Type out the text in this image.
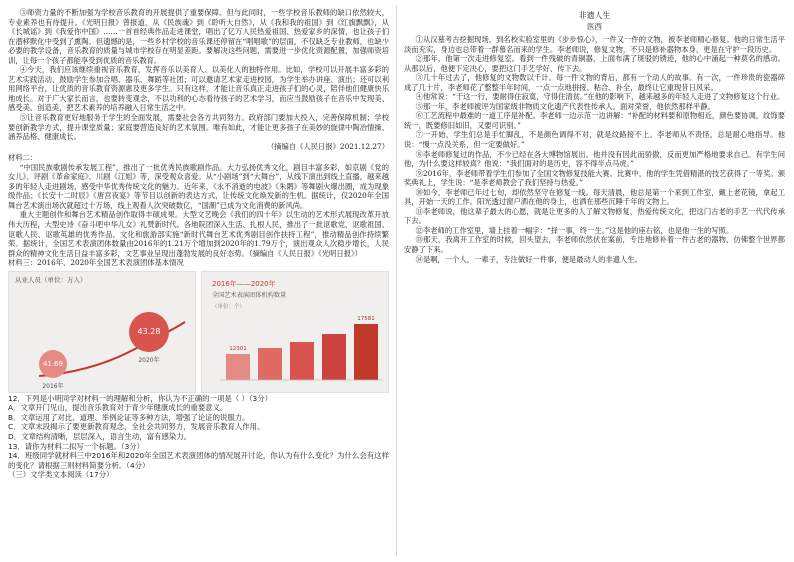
③师资力量的不断加强为学校音乐教育的开展提供了重要保障。但与此同时，一些学校音乐教师的缺口依然较大，专业素养也有待提升。《光明日报》曾报道，从《民族魂》到《聆听大自然》，从《我和我的祖国》到《红旗飘飘》，从《长城谣》到《我爱你中国》……一首首经典作品走进课堂，唱出了亿万人民热爱祖国、热爱家乡的深情，也让孩子们在潜移默化中受到了熏陶。但遗憾的是，一些乡村学校的音乐课还停留在“唱唱歌”的层面，不仅缺乏专业教师，也缺少必要的教学设备，音乐教育的质量与城市学校存在明显差距。要解决这些问题，需要进一步优化资源配置，加强师资培训，让每一个孩子都能享受到优质的音乐教育。

④今天，我们应该继续重视音乐教育，发挥音乐以美育人、以美化人的独特作用。比如，学校可以开展丰富多彩的艺术实践活动，鼓励学生参加合唱、器乐、舞蹈等社团；可以邀请艺术家走进校园，为学生举办讲座、演出；还可以利用网络平台，让优质的音乐教育资源惠及更多学生。只有这样，才能让音乐真正走进孩子们的心灵，陪伴他们健康快乐地成长。对于广大家长而言，也要转变观念，不以功利的心态看待孩子的艺术学习，而应当鼓励孩子在音乐中发现美、感受美、创造美，把艺术素养的培养融入日常生活之中。

⑤让音乐教育更好地服务于学生的全面发展，需要社会各方共同努力。政府部门要加大投入，完善保障机制；学校要创新教学方式，提升课堂质量；家庭要营造良好的艺术氛围。唯有如此，才能让更多孩子在美妙的旋律中陶冶情操、涵养品格、健康成长。

（摘编自《人民日报》2021.12.27）

材料二：

“中国民族歌剧传承发展工程”，推出了一批优秀民族歌剧作品。大力弘扬优秀文化，剧目丰富多彩，如京剧《党的女儿》、评剧《革命家庭》、川剧《江姐》等，深受观众喜爱。从“小剧场”到“大舞台”，从线下演出到线上直播，越来越多的年轻人走进剧场，感受中华优秀传统文化的魅力。近年来，《永不消逝的电波》《朱鹮》等舞剧火爆出圈，成为现象级作品；《长安十二时辰》《唐宫夜宴》等节目以创新的表达方式，让传统文化焕发新的生机。据统计，仅2020年全国舞台艺术演出场次就超过十万场，线上观看人次突破数亿，“国潮”已成为文化消费的新风尚。

重大主题创作和舞台艺术精品创作取得丰硕成果。大型文艺晚会《我们的四十年》以生动的艺术形式展现改革开放伟大历程，大型史诗《奋斗吧中华儿女》礼赞新时代。各地院团深入生活、扎根人民，推出了一批讴歌党、讴歌祖国、讴歌人民、讴歌英雄的优秀作品。文化和旅游部实施“新时代舞台艺术优秀剧目创作扶持工程”，推动精品创作持续繁荣。据统计，全国艺术表演团体数量由2016年的1.21万个增加到2020年的1.79万个，演出观众人次稳步增长，人民群众的精神文化生活日益丰富多彩，文艺事业呈现出蓬勃发展的良好态势。（摘编自《人民日报》《光明日报》）

材料三：2016年、2020年全国艺术表演团体基本情况

从业人员（单位：万人）
41.69
43.28
2016年
2020年
2016年——2020年
全国艺术表演团体机构数量
（单位：个）
12301
17581

12．下列是小明同学对材料一的理解和分析，你认为不正确的一项是（ ）（3分）

A．文章开门见山，提出音乐教育对于青少年健康成长的重要意义。

B．文章运用了对比、道理、举例论证等多种方法，增强了论证的说服力。

C．文章末段揭示了要更新教育观念，全社会共同努力，发展音乐教育人作用。

D．文章结构清晰，层层深入，语言生动，富有感染力。

13．请你为材料二拟写一个标题。（3分）

14．班级同学就材料三中2016年和2020年全国艺术表演团体的情况展开讨论，你认为有什么变化？为什么会有这样的变化？请根据三则材料简要分析。（4分）

（三）文学类文本阅读（17分）

非遗人生
医西

①从汉墓考古挖掘现场，到名校实验室里的《步步惊心》，一件又一件的文物，被李老师精心修复。他的日常生活平淡而充实，身边也总带着一群慕名而来的学生。李老师说，修复文物，不只是修补器物本身，更是在守护一段历史。

②那年，他第一次走进修复室。看到一件残破的青铜器，上面布满了斑驳的锈迹，他的心中涌起一种莫名的感动。从那以后，他便下定决心，要把这门手艺学好、传下去。

③几十年过去了，他修复的文物数以千计。每一件文物的背后，都有一个动人的故事。有一次，一件珍贵的瓷器碎成了几十片，李老师花了整整半年时间，一点一点地拼接、粘合、补全，最终让它重现昔日风采。

④他常说：“干这一行，要耐得住寂寞，守得住清贫。”在他的影响下，越来越多的年轻人走进了文物修复这个行业。

⑤那一年，李老师被评为国家级非物质文化遗产代表性传承人。面对荣誉，他依然那样平静。

⑥工艺流程中最难的一道工序是补配。李老师一边示范一边讲解：“补配的材料要和原物相近，颜色要协调，纹饰要统一，既要修旧如旧，又要可识别。”

⑦一开始，学生们总是手忙脚乱，不是颜色调得不对，就是纹路接不上。李老师从不责怪，总是耐心地指导。他说：“慢一点没关系，但一定要做好。”

⑧李老师修复过的作品，不少已经在各大博物馆展出。他并没有因此而骄傲，反而更加严格地要求自己。有学生问他，为什么要这样较真？他说：“我们面对的是历史，容不得半点马虎。”

⑨2016年，李老师带着学生们参加了全国文物修复技能大赛。比赛中，他的学生凭借精湛的技艺获得了一等奖。颁奖典礼上，学生说：“是李老师教会了我们坚持与热爱。”

⑩如今，李老师已年过七旬，却依然坚守在修复一线。每天清晨，他总是第一个来到工作室，戴上老花镜，拿起工具，开始一天的工作。阳光透过窗户洒在他的身上，也洒在那些沉睡千年的文物上。

⑪李老师说，他这辈子最大的心愿，就是让更多的人了解文物修复，热爱传统文化，把这门古老的手艺一代代传承下去。

⑫李老师的工作室里，墙上挂着一幅字：“择一事，终一生。”这是他的座右铭，也是他一生的写照。

⑬那天，我离开工作室的时候，回头望去，李老师依然伏在案前，专注地修补着一件古老的器物，仿佛整个世界都安静了下来。

⑭是啊，一个人，一辈子，专注做好一件事，便是最动人的非遗人生。
